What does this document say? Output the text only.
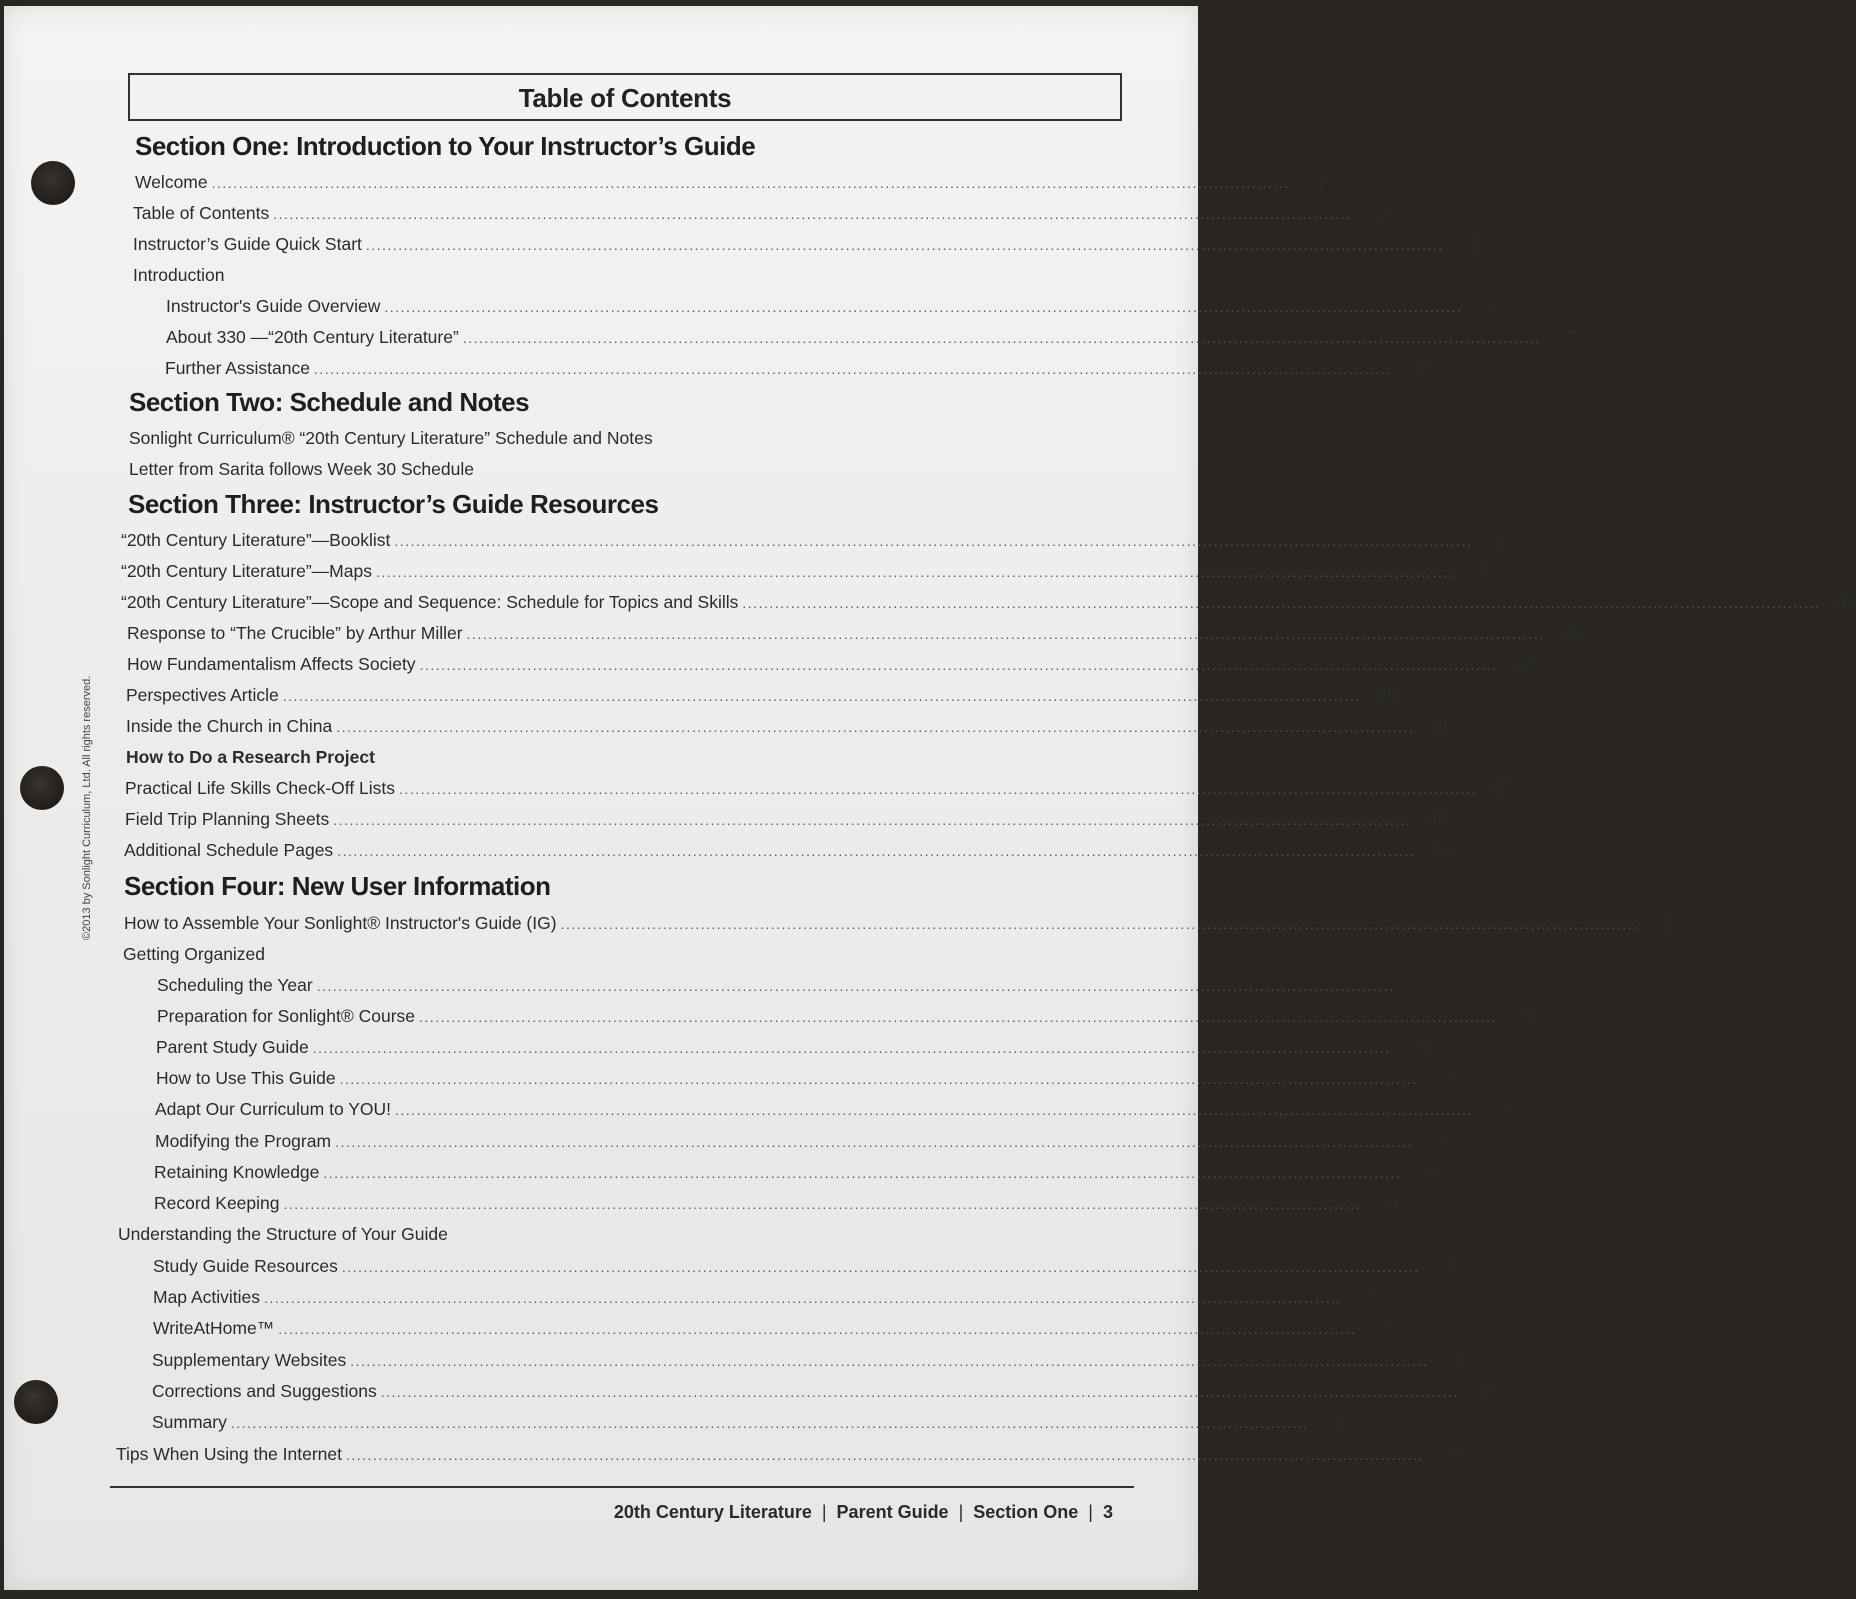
©2013 by Sonlight Curriculum, Ltd. All rights reserved.
Table of Contents
Section One: Introduction to Your Instructor’s Guide
Welcome ........................................................................................................................................................................................................	1
Table of Contents ........................................................................................................................................................................................................	3
Instructor’s Guide Quick Start ........................................................................................................................................................................................................	5
Introduction
Instructor's Guide Overview ........................................................................................................................................................................................................	7
About 330 —“20th Century Literature” ........................................................................................................................................................................................................	7
Further Assistance ........................................................................................................................................................................................................	7
Section Two: Schedule and Notes
Sonlight Curriculum® “20th Century Literature” Schedule and Notes
Letter from Sarita follows Week 30 Schedule
Section Three: Instructor’s Guide Resources
“20th Century Literature”—Booklist ........................................................................................................................................................................................................	1
“20th Century Literature”—Maps ........................................................................................................................................................................................................	3
“20th Century Literature”—Scope and Sequence: Schedule for Topics and Skills ........................................................................................................................................................................................................ 41
Response to “The Crucible” by Arthur Miller ........................................................................................................................................................................................................ 45
How Fundamentalism Affects Society ........................................................................................................................................................................................................ 47
Perspectives Article ........................................................................................................................................................................................................ 49
Inside the Church in China ........................................................................................................................................................................................................ 51
How to Do a Research Project
Practical Life Skills Check-Off Lists ........................................................................................................................................................................................................ 87
Field Trip Planning Sheets ........................................................................................................................................................................................................ 89
Additional Schedule Pages ........................................................................................................................................................................................................ 93
Section Four: New User Information
How to Assemble Your Sonlight® Instructor's Guide (IG) ........................................................................................................................................................................................................	1
Getting Organized
Scheduling the Year ........................................................................................................................................................................................................
Preparation for Sonlight® Course ........................................................................................................................................................................................................	3
Parent Study Guide ........................................................................................................................................................................................................	3
How to Use This Guide ........................................................................................................................................................................................................	3
Adapt Our Curriculum to YOU! ........................................................................................................................................................................................................	4
Modifying the Program ........................................................................................................................................................................................................	4
Retaining Knowledge ........................................................................................................................................................................................................	4
Record Keeping ........................................................................................................................................................................................................	5
Understanding the Structure of Your Guide
Study Guide Resources ........................................................................................................................................................................................................	7
Map Activities ........................................................................................................................................................................................................	7
WriteAtHome™ ........................................................................................................................................................................................................	7
Supplementary Websites ........................................................................................................................................................................................................	8
Corrections and Suggestions ........................................................................................................................................................................................................	8
Summary ........................................................................................................................................................................................................	8
Tips When Using the Internet ........................................................................................................................................................................................................	9
20th Century Literature | Parent Guide | Section One | 3
